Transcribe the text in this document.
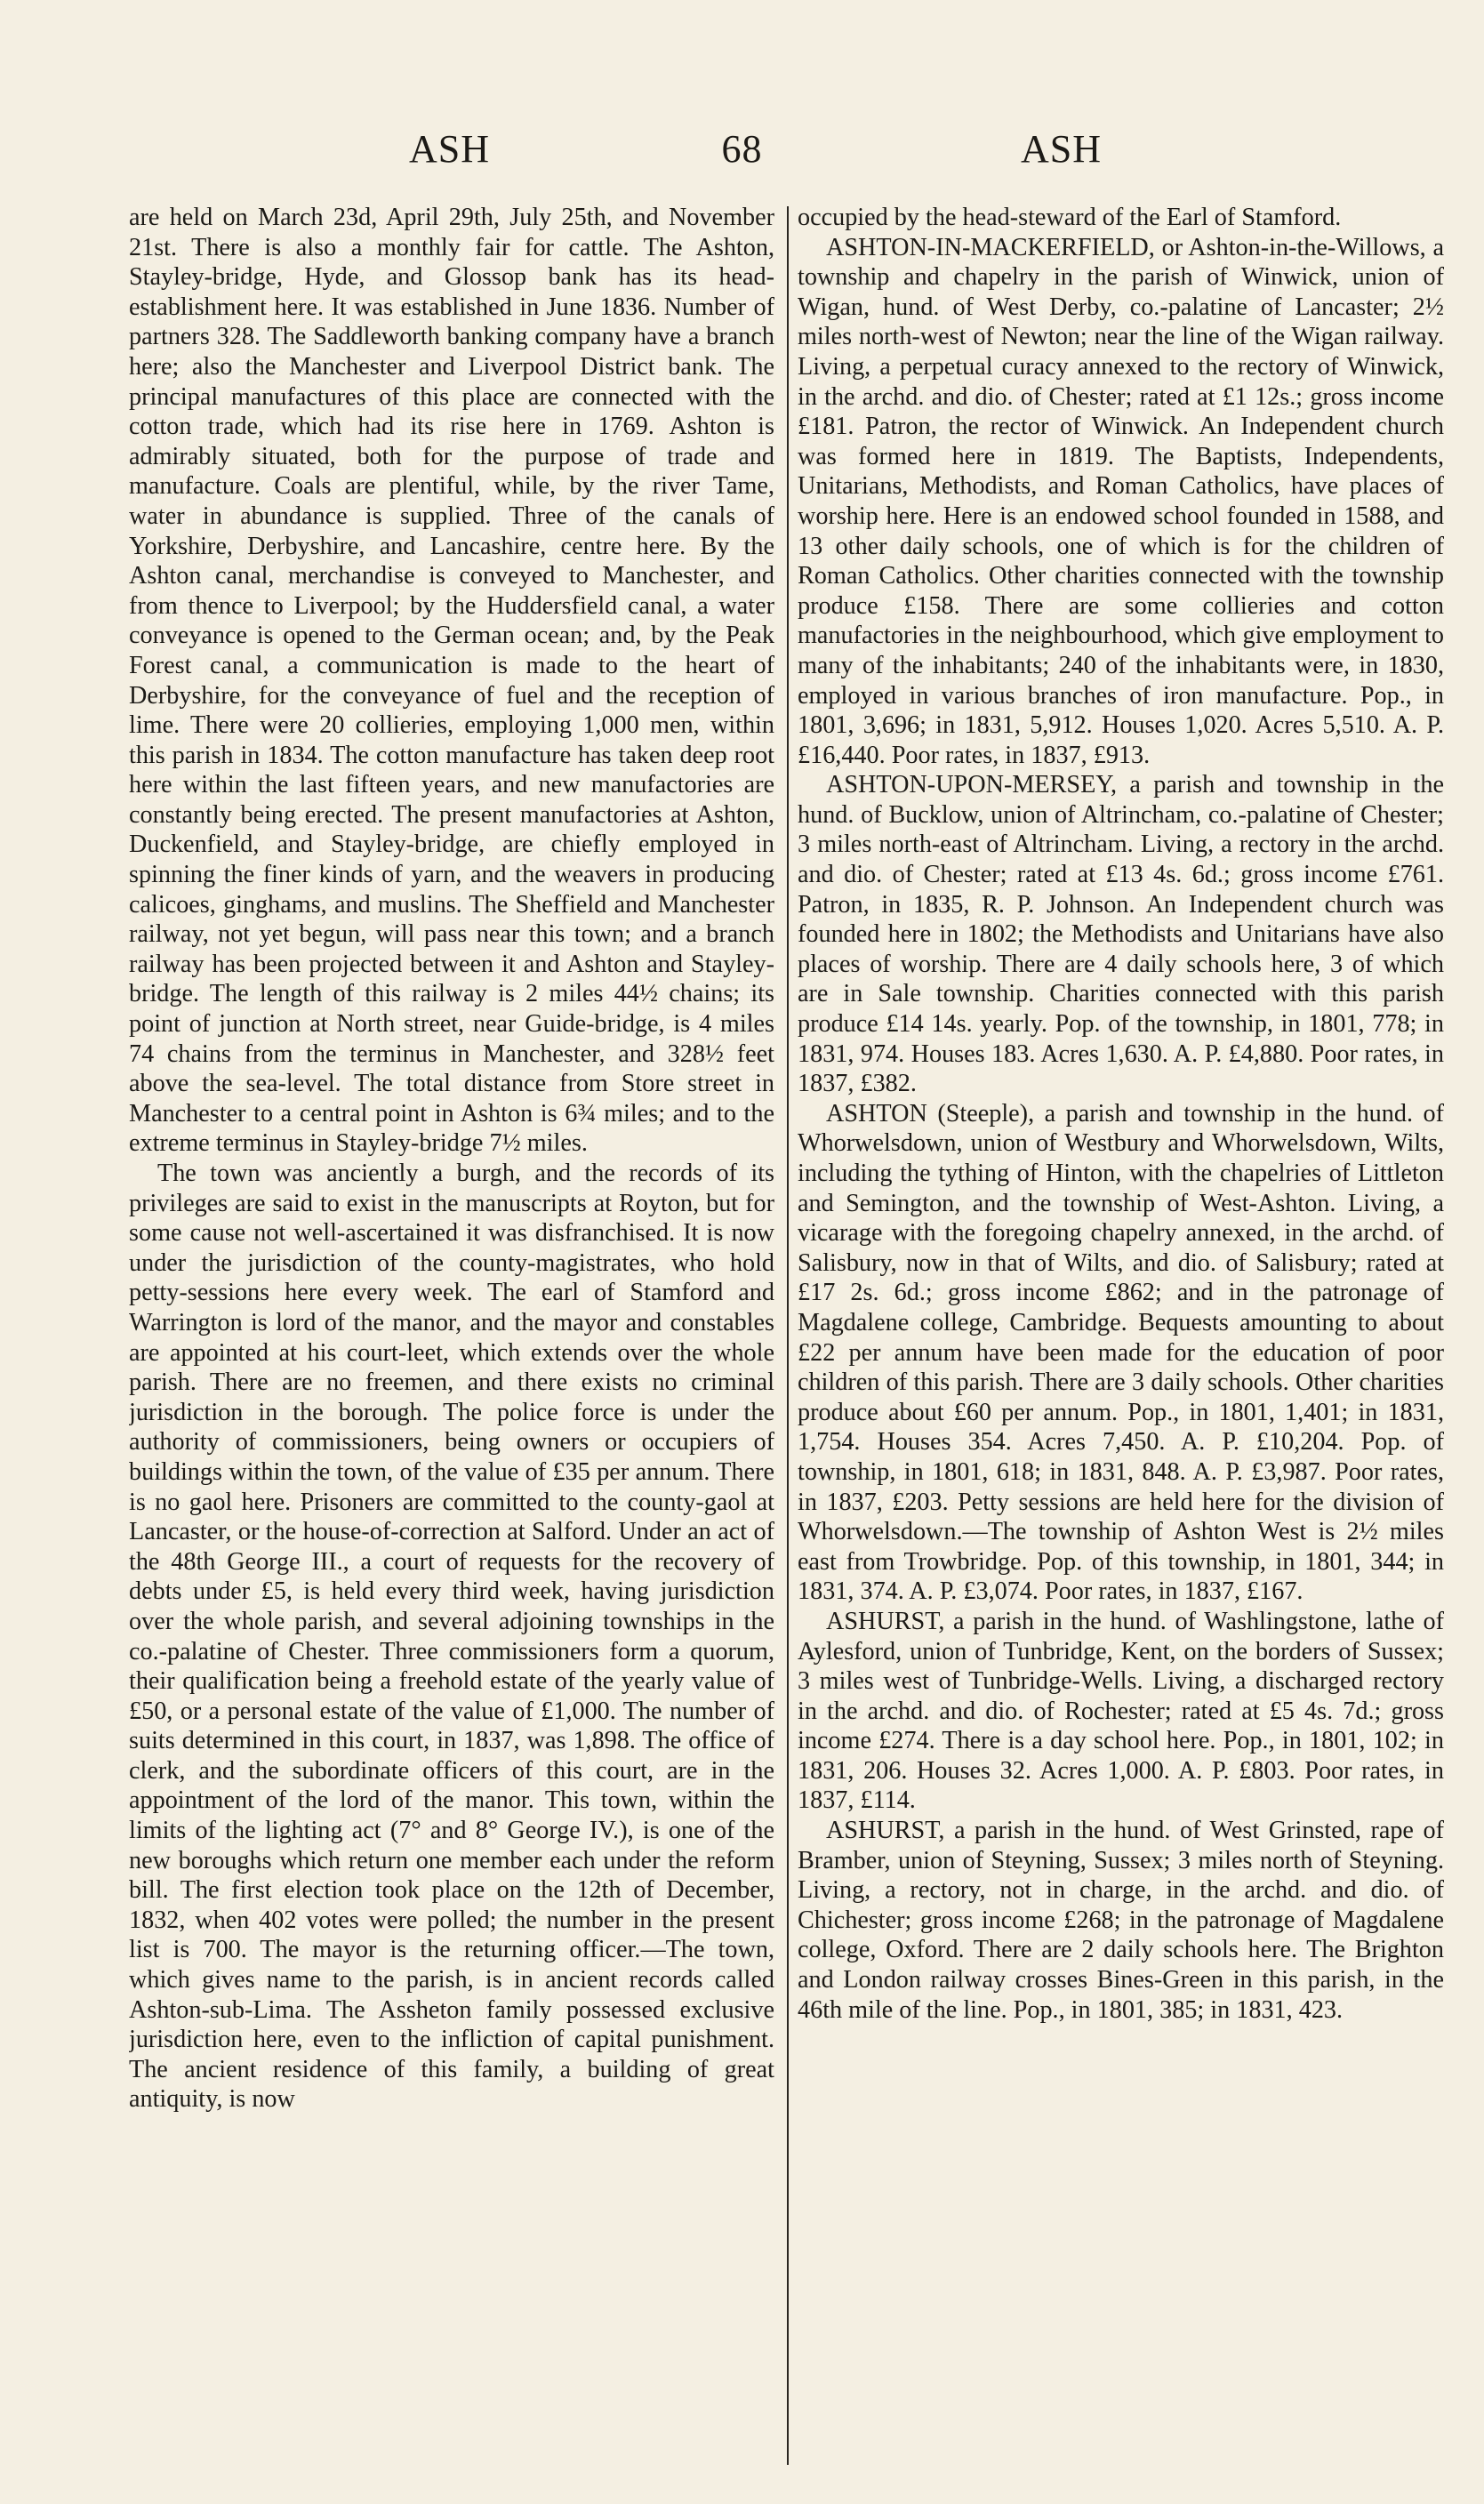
ASH	68	ASH

are held on March 23d, April 29th, July 25th, and November 21st. There is also a monthly fair for cattle. The Ashton, Stayley-bridge, Hyde, and Glossop bank has its head-establishment here. It was established in June 1836. Number of partners 328. The Saddleworth banking company have a branch here; also the Manchester and Liverpool District bank. The principal manufactures of this place are connected with the cotton trade, which had its rise here in 1769. Ashton is admirably situated, both for the purpose of trade and manufacture. Coals are plentiful, while, by the river Tame, water in abundance is supplied. Three of the canals of Yorkshire, Derbyshire, and Lancashire, centre here. By the Ashton canal, merchandise is conveyed to Manchester, and from thence to Liverpool; by the Huddersfield canal, a water conveyance is opened to the German ocean; and, by the Peak Forest canal, a communication is made to the heart of Derbyshire, for the conveyance of fuel and the reception of lime. There were 20 collieries, employing 1,000 men, within this parish in 1834. The cotton manufacture has taken deep root here within the last fifteen years, and new manufactories are constantly being erected. The present manufactories at Ashton, Duckenfield, and Stayley-bridge, are chiefly employed in spinning the finer kinds of yarn, and the weavers in producing calicoes, ginghams, and muslins. The Sheffield and Manchester railway, not yet begun, will pass near this town; and a branch railway has been projected between it and Ashton and Stayley-bridge. The length of this railway is 2 miles 44½ chains; its point of junction at North street, near Guide-bridge, is 4 miles 74 chains from the terminus in Manchester, and 328½ feet above the sea-level. The total distance from Store street in Manchester to a central point in Ashton is 6¾ miles; and to the extreme terminus in Stayley-bridge 7½ miles.

The town was anciently a burgh, and the records of its privileges are said to exist in the manuscripts at Royton, but for some cause not well-ascertained it was disfranchised. It is now under the jurisdiction of the county-magistrates, who hold petty-sessions here every week. The earl of Stamford and Warrington is lord of the manor, and the mayor and constables are appointed at his court-leet, which extends over the whole parish. There are no freemen, and there exists no criminal jurisdiction in the borough. The police force is under the authority of commissioners, being owners or occupiers of buildings within the town, of the value of £35 per annum. There is no gaol here. Prisoners are committed to the county-gaol at Lancaster, or the house-of-correction at Salford. Under an act of the 48th George III., a court of requests for the recovery of debts under £5, is held every third week, having jurisdiction over the whole parish, and several adjoining townships in the co.-palatine of Chester. Three commissioners form a quorum, their qualification being a freehold estate of the yearly value of £50, or a personal estate of the value of £1,000. The number of suits determined in this court, in 1837, was 1,898. The office of clerk, and the subordinate officers of this court, are in the appointment of the lord of the manor. This town, within the limits of the lighting act (7° and 8° George IV.), is one of the new boroughs which return one member each under the reform bill. The first election took place on the 12th of December, 1832, when 402 votes were polled; the number in the present list is 700. The mayor is the returning officer.—The town, which gives name to the parish, is in ancient records called Ashton-sub-Lima. The Assheton family possessed exclusive jurisdiction here, even to the infliction of capital punishment. The ancient residence of this family, a building of great antiquity, is now

occupied by the head-steward of the Earl of Stamford.

ASHTON-IN-MACKERFIELD, or Ashton-in-the-Willows, a township and chapelry in the parish of Winwick, union of Wigan, hund. of West Derby, co.-palatine of Lancaster; 2½ miles north-west of Newton; near the line of the Wigan railway. Living, a perpetual curacy annexed to the rectory of Winwick, in the archd. and dio. of Chester; rated at £1 12s.; gross income £181. Patron, the rector of Winwick. An Independent church was formed here in 1819. The Baptists, Independents, Unitarians, Methodists, and Roman Catholics, have places of worship here. Here is an endowed school founded in 1588, and 13 other daily schools, one of which is for the children of Roman Catholics. Other charities connected with the township produce £158. There are some collieries and cotton manufactories in the neighbourhood, which give employment to many of the inhabitants; 240 of the inhabitants were, in 1830, employed in various branches of iron manufacture. Pop., in 1801, 3,696; in 1831, 5,912. Houses 1,020. Acres 5,510. A. P. £16,440. Poor rates, in 1837, £913.

ASHTON-UPON-MERSEY, a parish and township in the hund. of Bucklow, union of Altrincham, co.-palatine of Chester; 3 miles north-east of Altrincham. Living, a rectory in the archd. and dio. of Chester; rated at £13 4s. 6d.; gross income £761. Patron, in 1835, R. P. Johnson. An Independent church was founded here in 1802; the Methodists and Unitarians have also places of worship. There are 4 daily schools here, 3 of which are in Sale township. Charities connected with this parish produce £14 14s. yearly. Pop. of the township, in 1801, 778; in 1831, 974. Houses 183. Acres 1,630. A. P. £4,880. Poor rates, in 1837, £382.

ASHTON (Steeple), a parish and township in the hund. of Whorwelsdown, union of Westbury and Whorwelsdown, Wilts, including the tything of Hinton, with the chapelries of Littleton and Semington, and the township of West-Ashton. Living, a vicarage with the foregoing chapelry annexed, in the archd. of Salisbury, now in that of Wilts, and dio. of Salisbury; rated at £17 2s. 6d.; gross income £862; and in the patronage of Magdalene college, Cambridge. Bequests amounting to about £22 per annum have been made for the education of poor children of this parish. There are 3 daily schools. Other charities produce about £60 per annum. Pop., in 1801, 1,401; in 1831, 1,754. Houses 354. Acres 7,450. A. P. £10,204. Pop. of township, in 1801, 618; in 1831, 848. A. P. £3,987. Poor rates, in 1837, £203. Petty sessions are held here for the division of Whorwelsdown.—The township of Ashton West is 2½ miles east from Trowbridge. Pop. of this township, in 1801, 344; in 1831, 374. A. P. £3,074. Poor rates, in 1837, £167.

ASHURST, a parish in the hund. of Washlingstone, lathe of Aylesford, union of Tunbridge, Kent, on the borders of Sussex; 3 miles west of Tunbridge-Wells. Living, a discharged rectory in the archd. and dio. of Rochester; rated at £5 4s. 7d.; gross income £274. There is a day school here. Pop., in 1801, 102; in 1831, 206. Houses 32. Acres 1,000. A. P. £803. Poor rates, in 1837, £114.

ASHURST, a parish in the hund. of West Grinsted, rape of Bramber, union of Steyning, Sussex; 3 miles north of Steyning. Living, a rectory, not in charge, in the archd. and dio. of Chichester; gross income £268; in the patronage of Magdalene college, Oxford. There are 2 daily schools here. The Brighton and London railway crosses Bines-Green in this parish, in the 46th mile of the line. Pop., in 1801, 385; in 1831, 423.
